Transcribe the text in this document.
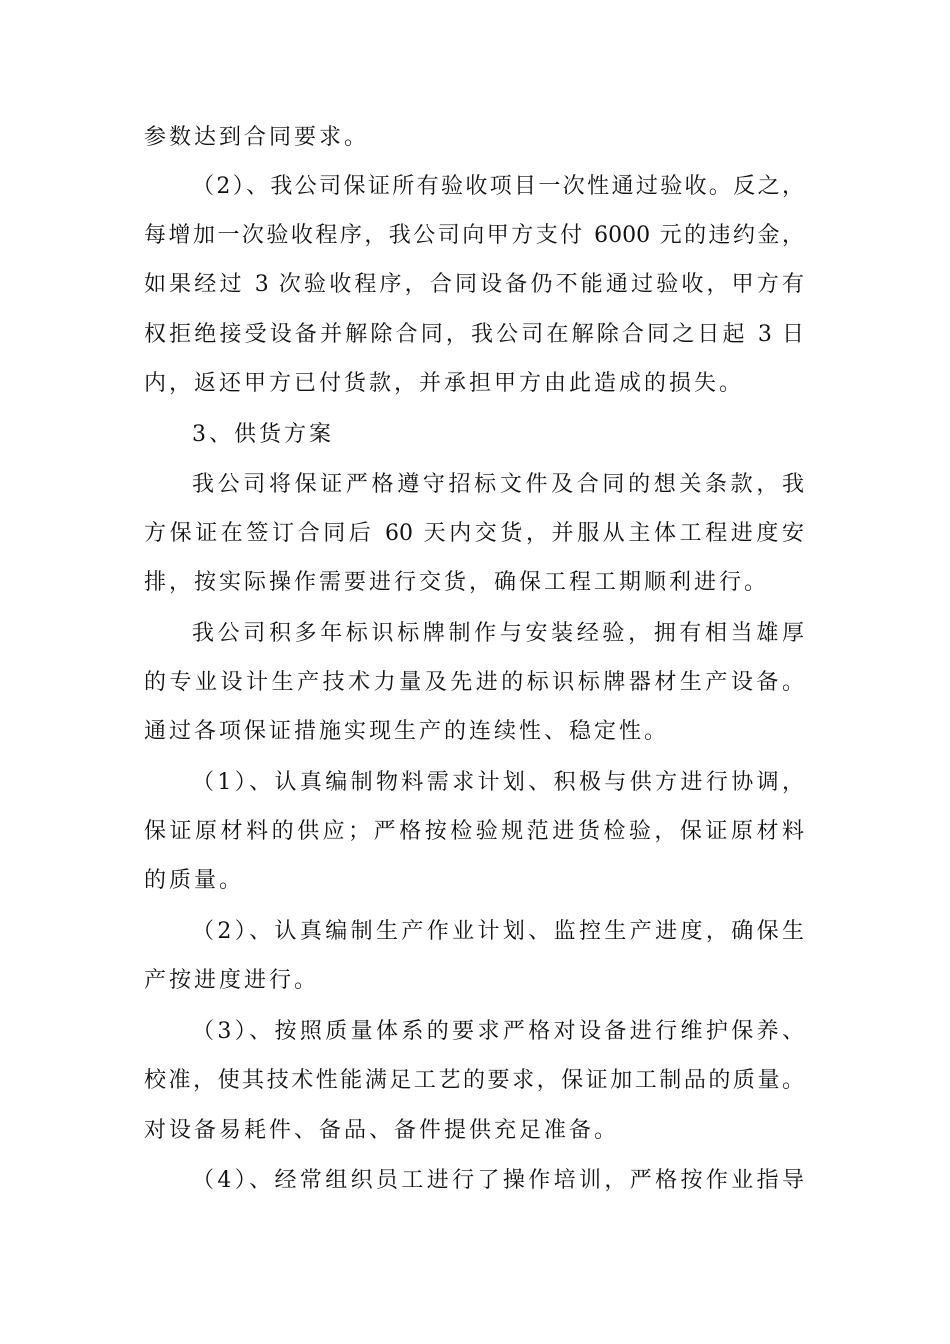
参数达到合同要求。
（2）、我公司保证所有验收项目一次性通过验收。反之，
每增加一次验收程序，我公司向甲方支付 6000 元的违约金，
如果经过 3 次验收程序，合同设备仍不能通过验收，甲方有
权拒绝接受设备并解除合同，我公司在解除合同之日起 3 日
内，返还甲方已付货款，并承担甲方由此造成的损失。
3、供货方案
我公司将保证严格遵守招标文件及合同的想关条款，我
方保证在签订合同后 60 天内交货，并服从主体工程进度安
排，按实际操作需要进行交货，确保工程工期顺利进行。
我公司积多年标识标牌制作与安装经验，拥有相当雄厚
的专业设计生产技术力量及先进的标识标牌器材生产设备。
通过各项保证措施实现生产的连续性、稳定性。
（1）、认真编制物料需求计划、积极与供方进行协调，
保证原材料的供应；严格按检验规范进货检验，保证原材料
的质量。
（2）、认真编制生产作业计划、监控生产进度，确保生
产按进度进行。
（3）、按照质量体系的要求严格对设备进行维护保养、
校准，使其技术性能满足工艺的要求，保证加工制品的质量。
对设备易耗件、备品、备件提供充足准备。
（4）、经常组织员工进行了操作培训，严格按作业指导
